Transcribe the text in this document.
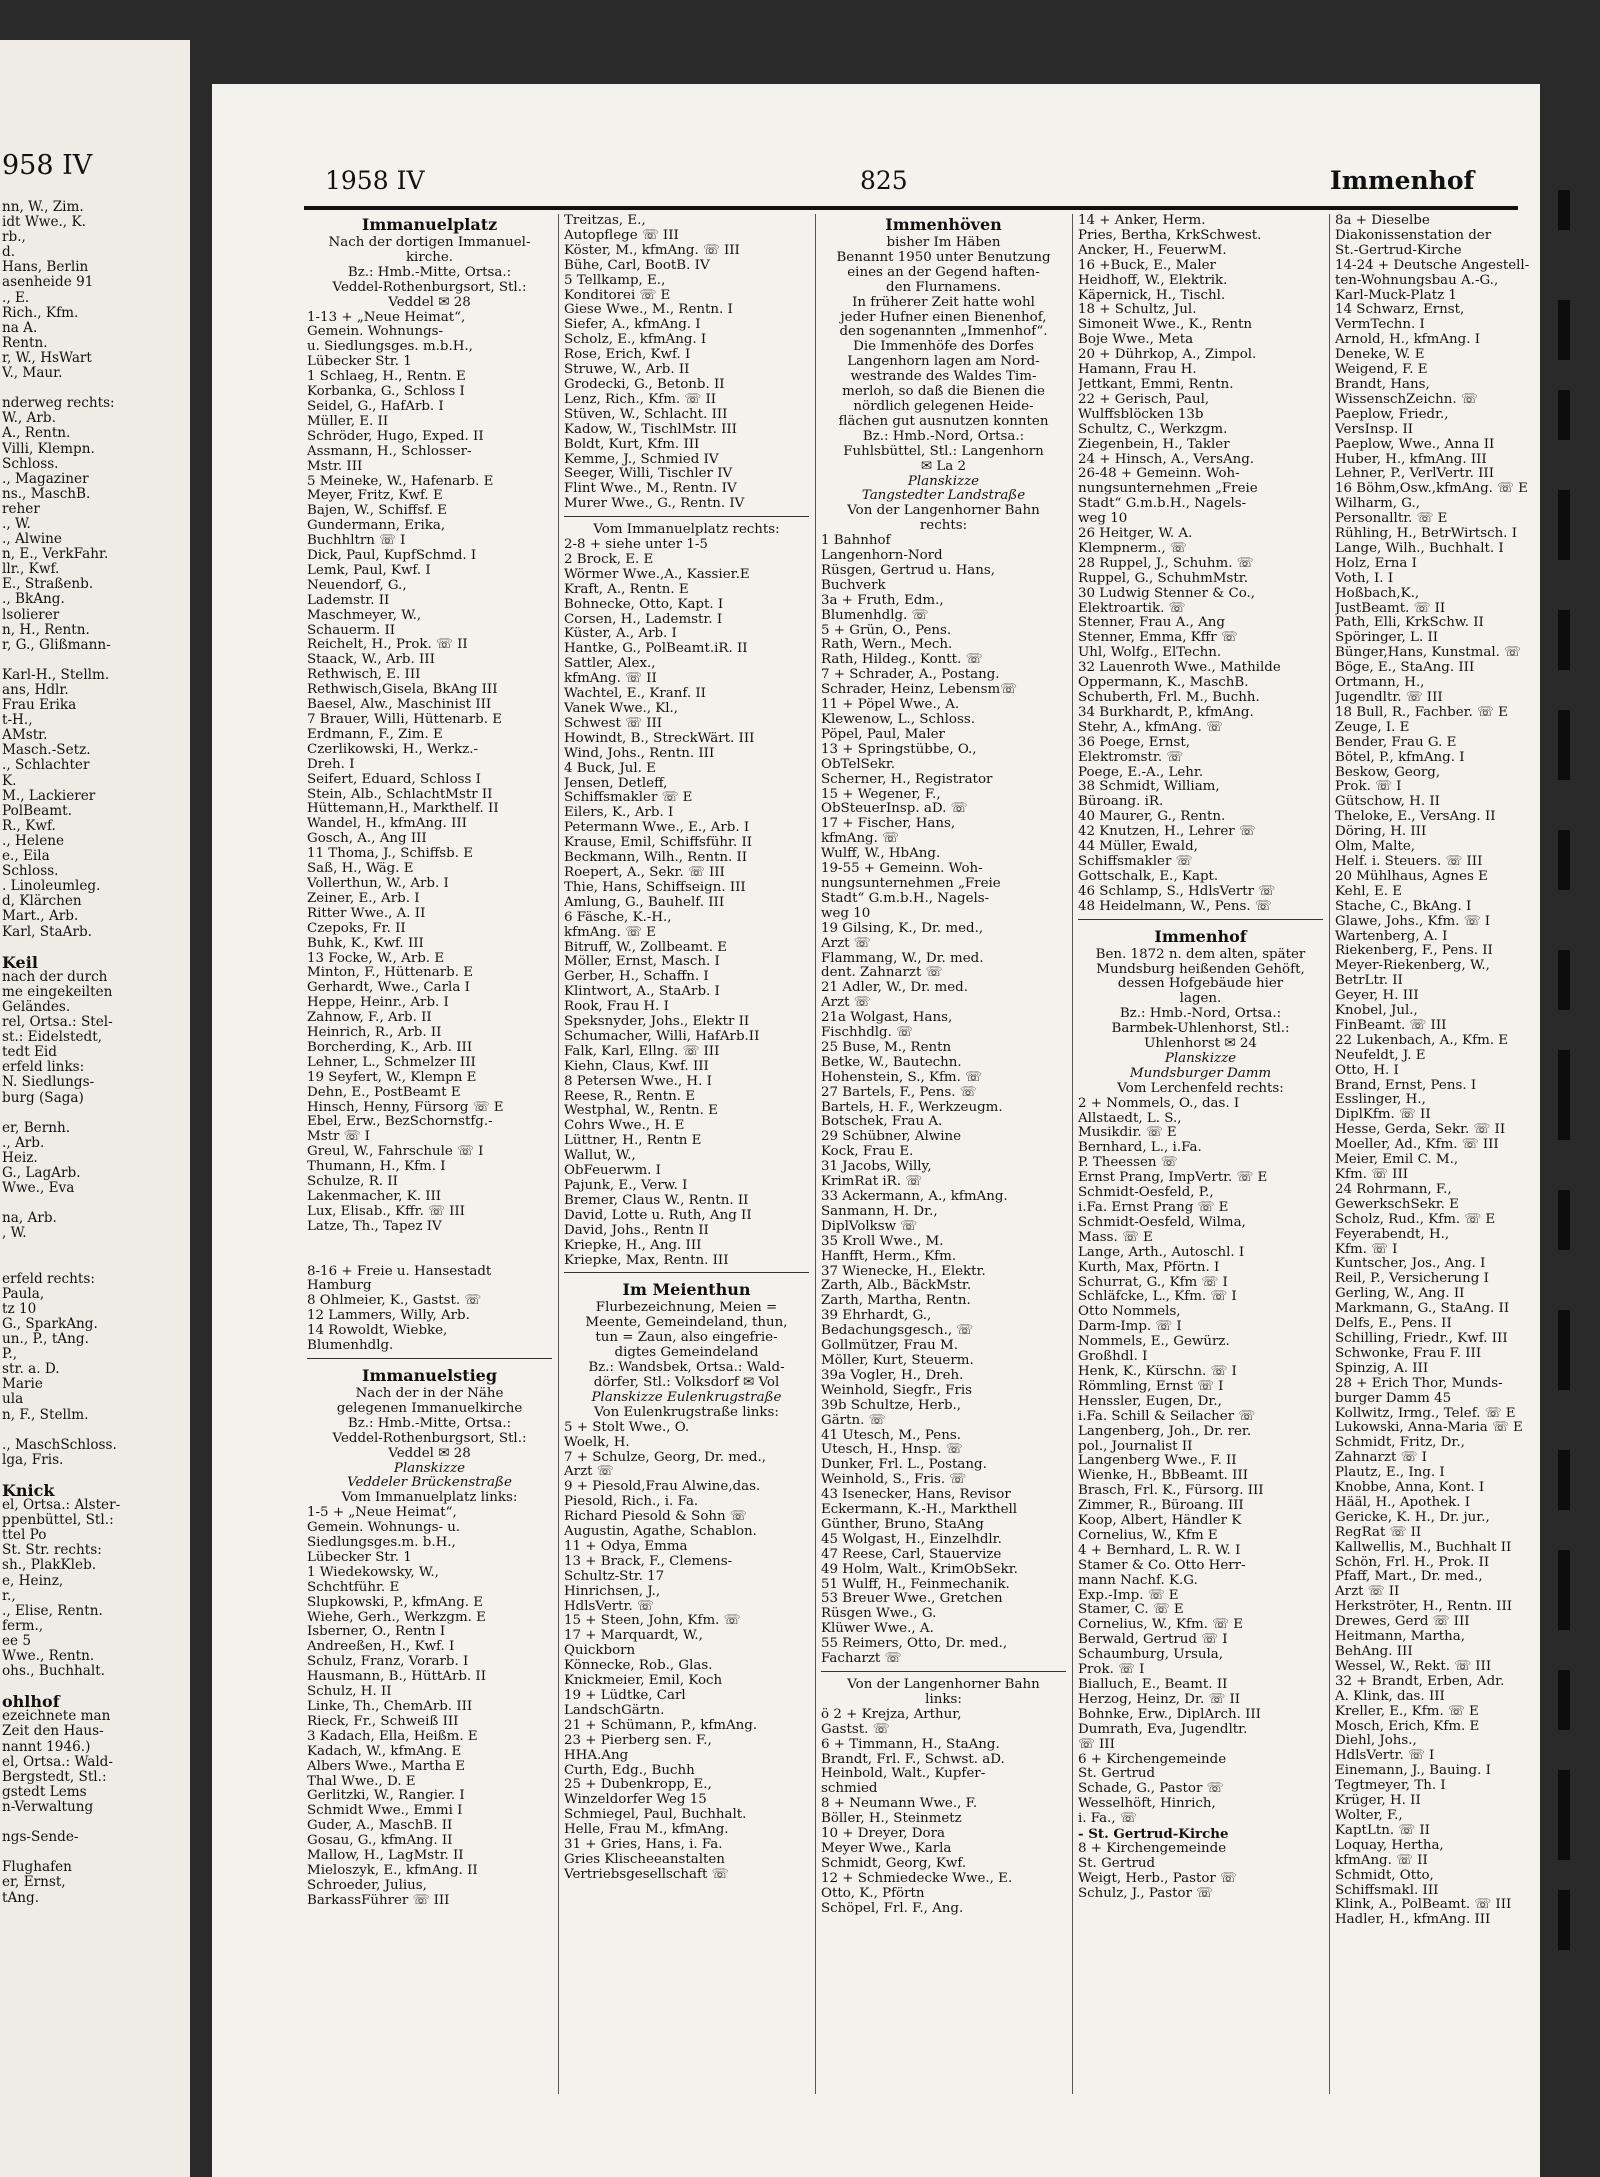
958 IV
nn, W., Zim.
idt Wwe., K.
rb.,
d.
Hans, Berlin
asenheide 91
., E.
Rich., Kfm.
na A.
Rentn.
r, W., HsWart
V., Maur.

nderweg rechts:
W., Arb.
A., Rentn.
Villi, Klempn.
Schloss.
., Magaziner
ns., MaschB.
reher
., W.
., Alwine
n, E., VerkFahr.
llr., Kwf.
E., Straßenb.
., BkAng.
lsolierer
n, H., Rentn.
r, G., Glißmann-

Karl-H., Stellm.
ans, Hdlr.
Frau Erika
t-H.,
AMstr.
Masch.-Setz.
., Schlachter
K.
M., Lackierer
PolBeamt.
R., Kwf.
., Helene
e., Eila
Schloss.
. Linoleumleg.
d, Klärchen
Mart., Arb.
Karl, StaArb.

Keil
nach der durch
me eingekeilten
Geländes.
rel, Ortsa.: Stel-
st.: Eidelstedt,
tedt Eid
erfeld links:
N. Siedlungs-
burg (Saga)

er, Bernh.
., Arb.
Heiz.
G., LagArb.
Wwe., Eva

na, Arb.
, W.

erfeld rechts:
Paula,
tz 10
G., SparkAng.
un., P., tAng.
P.,
str. a. D.
Marie
ula
n, F., Stellm.

., MaschSchloss.
lga, Fris.

Knick
el, Ortsa.: Alster-
ppenbüttel, Stl.:
ttel Po
St. Str. rechts:
sh., PlakKleb.
e, Heinz,
r.,
., Elise, Rentn.
ferm.,
ee 5
Wwe., Rentn.
ohs., Buchhalt.

ohlhof
ezeichnete man
Zeit den Haus-
nannt 1946.)
el, Ortsa.: Wald-
Bergstedt, Stl.:
gstedt Lems
n-Verwaltung

ngs-Sende-

Flughafen
er, Ernst,
tAng.
1958 IV	825	Immenhof
Immanuelplatz
Nach der dortigen Immanuel-
kirche.
Bz.: Hmb.-Mitte, Ortsa.:
Veddel-Rothenburgsort, Stl.:
Veddel ✉ 28
1-13 + „Neue Heimat“,
Gemein. Wohnungs-
u. Siedlungsges. m.b.H.,
Lübecker Str. 1
1 Schlaeg, H., Rentn. E
Korbanka, G., Schloss I
Seidel, G., HafArb. I
Müller, E. II
Schröder, Hugo, Exped. II
Assmann, H., Schlosser-
Mstr. III
5 Meineke, W., Hafenarb. E
Meyer, Fritz, Kwf. E
Bajen, W., Schiffsf. E
Gundermann, Erika,
Buchhltrn ☏ I
Dick, Paul, KupfSchmd. I
Lemk, Paul, Kwf. I
Neuendorf, G.,
Lademstr. II
Maschmeyer, W.,
Schauerm. II
Reichelt, H., Prok. ☏ II
Staack, W., Arb. III
Rethwisch, E. III
Rethwisch,Gisela, BkAng III
Baesel, Alw., Maschinist III
7 Brauer, Willi, Hüttenarb. E
Erdmann, F., Zim. E
Czerlikowski, H., Werkz.-
Dreh. I
Seifert, Eduard, Schloss I
Stein, Alb., SchlachtMstr II
Hüttemann,H., Markthelf. II
Wandel, H., kfmAng. III
Gosch, A., Ang III
11 Thoma, J., Schiffsb. E
Saß, H., Wäg. E
Vollerthun, W., Arb. I
Zeiner, E., Arb. I
Ritter Wwe., A. II
Czepoks, Fr. II
Buhk, K., Kwf. III
13 Focke, W., Arb. E
Minton, F., Hüttenarb. E
Gerhardt, Wwe., Carla I
Heppe, Heinr., Arb. I
Zahnow, F., Arb. II
Heinrich, R., Arb. II
Borcherding, K., Arb. III
Lehner, L., Schmelzer III
19 Seyfert, W., Klempn E
Dehn, E., PostBeamt E
Hinsch, Henny, Fürsorg ☏ E
Ebel, Erw., BezSchornstfg.-
Mstr ☏ I
Greul, W., Fahrschule ☏ I
Thumann, H., Kfm. I
Schulze, R. II
Lakenmacher, K. III
Lux, Elisab., Kffr. ☏ III
Latze, Th., Tapez IV

8-16 + Freie u. Hansestadt
Hamburg
8 Ohlmeier, K., Gastst. ☏
12 Lammers, Willy, Arb.
14 Rowoldt, Wiebke,
Blumenhdlg.
Immanuelstieg
Nach der in der Nähe
gelegenen Immanuelkirche
Bz.: Hmb.-Mitte, Ortsa.:
Veddel-Rothenburgsort, Stl.:
Veddel ✉ 28
Planskizze
Veddeler Brückenstraße
Vom Immanuelplatz links:
1-5 + „Neue Heimat“,
Gemein. Wohnungs- u.
Siedlungsges.m. b.H.,
Lübecker Str. 1
1 Wiedekowsky, W.,
Schchtführ. E
Slupkowski, P., kfmAng. E
Wiehe, Gerh., Werkzgm. E
Isberner, O., Rentn I
Andreeßen, H., Kwf. I
Schulz, Franz, Vorarb. I
Hausmann, B., HüttArb. II
Schulz, H. II
Linke, Th., ChemArb. III
Rieck, Fr., Schweiß III
3 Kadach, Ella, Heißm. E
Kadach, W., kfmAng. E
Albers Wwe., Martha E
Thal Wwe., D. E
Gerlitzki, W., Rangier. I
Schmidt Wwe., Emmi I
Guder, A., MaschB. II
Gosau, G., kfmAng. II
Mallow, H., LagMstr. II
Mieloszyk, E., kfmAng. II
Schroeder, Julius,
BarkassFührer ☏ III
Treitzas, E.,
Autopflege ☏ III
Köster, M., kfmAng. ☏ III
Bühe, Carl, BootB. IV
5 Tellkamp, E.,
Konditorei ☏ E
Giese Wwe., M., Rentn. I
Siefer, A., kfmAng. I
Scholz, E., kfmAng. I
Rose, Erich, Kwf. I
Struwe, W., Arb. II
Grodecki, G., Betonb. II
Lenz, Rich., Kfm. ☏ II
Stüven, W., Schlacht. III
Kadow, W., TischlMstr. III
Boldt, Kurt, Kfm. III
Kemme, J., Schmied IV
Seeger, Willi, Tischler IV
Flint Wwe., M., Rentn. IV
Murer Wwe., G., Rentn. IV
Vom Immanuelplatz rechts:
2-8 + siehe unter 1-5
2 Brock, E. E
Wörmer Wwe.,A., Kassier.E
Kraft, A., Rentn. E
Bohnecke, Otto, Kapt. I
Corsen, H., Lademstr. I
Küster, A., Arb. I
Hantke, G., PolBeamt.iR. II
Sattler, Alex.,
kfmAng. ☏ II
Wachtel, E., Kranf. II
Vanek Wwe., Kl.,
Schwest ☏ III
Howindt, B., StreckWärt. III
Wind, Johs., Rentn. III
4 Buck, Jul. E
Jensen, Detleff,
Schiffsmakler ☏ E
Eilers, K., Arb. I
Petermann Wwe., E., Arb. I
Krause, Emil, Schiffsführ. II
Beckmann, Wilh., Rentn. II
Roepert, A., Sekr. ☏ III
Thie, Hans, Schiffseign. III
Amlung, G., Bauhelf. III
6 Fäsche, K.-H.,
kfmAng. ☏ E
Bitruff, W., Zollbeamt. E
Möller, Ernst, Masch. I
Gerber, H., Schaffn. I
Klintwort, A., StaArb. I
Rook, Frau H. I
Speksnyder, Johs., Elektr II
Schumacher, Willi, HafArb.II
Falk, Karl, Ellng. ☏ III
Kiehn, Claus, Kwf. III
8 Petersen Wwe., H. I
Reese, R., Rentn. E
Westphal, W., Rentn. E
Cohrs Wwe., H. E
Lüttner, H., Rentn E
Wallut, W.,
ObFeuerwm. I
Pajunk, E., Verw. I
Bremer, Claus W., Rentn. II
David, Lotte u. Ruth, Ang II
David, Johs., Rentn II
Kriepke, H., Ang. III
Kriepke, Max, Rentn. III
Im Meienthun
Flurbezeichnung, Meien =
Meente, Gemeindeland, thun,
tun = Zaun, also eingefrie-
digtes Gemeindeland
Bz.: Wandsbek, Ortsa.: Wald-
dörfer, Stl.: Volksdorf ✉ Vol
Planskizze Eulenkrugstraße
Von Eulenkrugstraße links:
5 + Stolt Wwe., O.
Woelk, H.
7 + Schulze, Georg, Dr. med.,
Arzt ☏
9 + Piesold,Frau Alwine,das.
Piesold, Rich., i. Fa.
Richard Piesold & Sohn ☏
Augustin, Agathe, Schablon.
11 + Odya, Emma
13 + Brack, F., Clemens-
Schultz-Str. 17
Hinrichsen, J.,
HdlsVertr. ☏
15 + Steen, John, Kfm. ☏
17 + Marquardt, W.,
Quickborn
Könnecke, Rob., Glas.
Knickmeier, Emil, Koch
19 + Lüdtke, Carl
LandschGärtn.
21 + Schümann, P., kfmAng.
23 + Pierberg sen. F.,
HHA.Ang
Curth, Edg., Buchh
25 + Dubenkropp, E.,
Winzeldorfer Weg 15
Schmiegel, Paul, Buchhalt.
Helle, Frau M., kfmAng.
31 + Gries, Hans, i. Fa.
Gries Klischeeanstalten
Vertriebsgesellschaft ☏
Immenhöven
bisher Im Häben
Benannt 1950 unter Benutzung
eines an der Gegend haften-
den Flurnamens.
In früherer Zeit hatte wohl
jeder Hufner einen Bienenhof,
den sogenannten „Immenhof“.
Die Immenhöfe des Dorfes
Langenhorn lagen am Nord-
westrande des Waldes Tim-
merloh, so daß die Bienen die
nördlich gelegenen Heide-
flächen gut ausnutzen konnten
Bz.: Hmb.-Nord, Ortsa.:
Fuhlsbüttel, Stl.: Langenhorn
✉ La 2
Planskizze
Tangstedter Landstraße
Von der Langenhorner Bahn
rechts:
1 Bahnhof
Langenhorn-Nord
Rüsgen, Gertrud u. Hans,
Buchverk
3a + Fruth, Edm.,
Blumenhdlg. ☏
5 + Grün, O., Pens.
Rath, Wern., Mech.
Rath, Hildeg., Kontt. ☏
7 + Schrader, A., Postang.
Schrader, Heinz, Lebensm☏
11 + Pöpel Wwe., A.
Klewenow, L., Schloss.
Pöpel, Paul, Maler
13 + Springstübbe, O.,
ObTelSekr.
Scherner, H., Registrator
15 + Wegener, F.,
ObSteuerInsp. aD. ☏
17 + Fischer, Hans,
kfmAng. ☏
Wulff, W., HbAng.
19-55 + Gemeinn. Woh-
nungsunternehmen „Freie
Stadt“ G.m.b.H., Nagels-
weg 10
19 Gilsing, K., Dr. med.,
Arzt ☏
Flammang, W., Dr. med.
dent. Zahnarzt ☏
21 Adler, W., Dr. med.
Arzt ☏
21a Wolgast, Hans,
Fischhdlg. ☏
25 Buse, M., Rentn
Betke, W., Bautechn.
Hohenstein, S., Kfm. ☏
27 Bartels, F., Pens. ☏
Bartels, H. F., Werkzeugm.
Botschek, Frau A.
29 Schübner, Alwine
Kock, Frau E.
31 Jacobs, Willy,
KrimRat iR. ☏
33 Ackermann, A., kfmAng.
Sanmann, H. Dr.,
DiplVolksw ☏
35 Kroll Wwe., M.
Hanfft, Herm., Kfm.
37 Wienecke, H., Elektr.
Zarth, Alb., BäckMstr.
Zarth, Martha, Rentn.
39 Ehrhardt, G.,
Bedachungsgesch., ☏
Gollmützer, Frau M.
Möller, Kurt, Steuerm.
39a Vogler, H., Dreh.
Weinhold, Siegfr., Fris
39b Schultze, Herb.,
Gärtn. ☏
41 Utesch, M., Pens.
Utesch, H., Hnsp. ☏
Dunker, Frl. L., Postang.
Weinhold, S., Fris. ☏
43 Isenecker, Hans, Revisor
Eckermann, K.-H., Markthell
Günther, Bruno, StaAng
45 Wolgast, H., Einzelhdlr.
47 Reese, Carl, Stauervize
49 Holm, Walt., KrimObSekr.
51 Wulff, H., Feinmechanik.
53 Breuer Wwe., Gretchen
Rüsgen Wwe., G.
Klüwer Wwe., A.
55 Reimers, Otto, Dr. med.,
Facharzt ☏
Von der Langenhorner Bahn
links:
ö 2 + Krejza, Arthur,
Gastst. ☏
6 + Timmann, H., StaAng.
Brandt, Frl. F., Schwst. aD.
Heinbold, Walt., Kupfer-
schmied
8 + Neumann Wwe., F.
Böller, H., Steinmetz
10 + Dreyer, Dora
Meyer Wwe., Karla
Schmidt, Georg, Kwf.
12 + Schmiedecke Wwe., E.
Otto, K., Pförtn
Schöpel, Frl. F., Ang.
14 + Anker, Herm.
Pries, Bertha, KrkSchwest.
Ancker, H., FeuerwM.
16 +Buck, E., Maler
Heidhoff, W., Elektrik.
Käpernick, H., Tischl.
18 + Schultz, Jul.
Simoneit Wwe., K., Rentn
Boje Wwe., Meta
20 + Dührkop, A., Zimpol.
Hamann, Frau H.
Jettkant, Emmi, Rentn.
22 + Gerisch, Paul,
Wulffsblöcken 13b
Schultz, C., Werkzgm.
Ziegenbein, H., Takler
24 + Hinsch, A., VersAng.
26-48 + Gemeinn. Woh-
nungsunternehmen „Freie
Stadt“ G.m.b.H., Nagels-
weg 10
26 Heitger, W. A.
Klempnerm., ☏
28 Ruppel, J., Schuhm. ☏
Ruppel, G., SchuhmMstr.
30 Ludwig Stenner & Co.,
Elektroartik. ☏
Stenner, Frau A., Ang
Stenner, Emma, Kffr ☏
Uhl, Wolfg., ElTechn.
32 Lauenroth Wwe., Mathilde
Oppermann, K., MaschB.
Schuberth, Frl. M., Buchh.
34 Burkhardt, P., kfmAng.
Stehr, A., kfmAng. ☏
36 Poege, Ernst,
Elektromstr. ☏
Poege, E.-A., Lehr.
38 Schmidt, William,
Büroang. iR.
40 Maurer, G., Rentn.
42 Knutzen, H., Lehrer ☏
44 Müller, Ewald,
Schiffsmakler ☏
Gottschalk, E., Kapt.
46 Schlamp, S., HdlsVertr ☏
48 Heidelmann, W., Pens. ☏
Immenhof
Ben. 1872 n. dem alten, später
Mundsburg heißenden Gehöft,
dessen Hofgebäude hier
lagen.
Bz.: Hmb.-Nord, Ortsa.:
Barmbek-Uhlenhorst, Stl.:
Uhlenhorst ✉ 24
Planskizze
Mundsburger Damm
Vom Lerchenfeld rechts:
2 + Nommels, O., das. I
Allstaedt, L. S.,
Musikdir. ☏ E
Bernhard, L., i.Fa.
P. Theessen ☏
Ernst Prang, ImpVertr. ☏ E
Schmidt-Oesfeld, P.,
i.Fa. Ernst Prang ☏ E
Schmidt-Oesfeld, Wilma,
Mass. ☏ E
Lange, Arth., Autoschl. I
Kurth, Max, Pförtn. I
Schurrat, G., Kfm ☏ I
Schläfcke, L., Kfm. ☏ I
Otto Nommels,
Darm-Imp. ☏ I
Nommels, E., Gewürz.
Großhdl. I
Henk, K., Kürschn. ☏ I
Römmling, Ernst ☏ I
Henssler, Eugen, Dr.,
i.Fa. Schill & Seilacher ☏
Langenberg, Joh., Dr. rer.
pol., Journalist II
Langenberg Wwe., F. II
Wienke, H., BbBeamt. III
Brasch, Frl. K., Fürsorg. III
Zimmer, R., Büroang. III
Koop, Albert, Händler K
Cornelius, W., Kfm E
4 + Bernhard, L. R. W. I
Stamer & Co. Otto Herr-
mann Nachf. K.G.
Exp.-Imp. ☏ E
Stamer, C. ☏ E
Cornelius, W., Kfm. ☏ E
Berwald, Gertrud ☏ I
Schaumburg, Ursula,
Prok. ☏ I
Bialluch, E., Beamt. II
Herzog, Heinz, Dr. ☏ II
Bohnke, Erw., DiplArch. III
Dumrath, Eva, Jugendltr.
☏ III
6 + Kirchengemeinde
St. Gertrud
Schade, G., Pastor ☏
Wesselhöft, Hinrich,
i. Fa., ☏
- St. Gertrud-Kirche
8 + Kirchengemeinde
St. Gertrud
Weigt, Herb., Pastor ☏
Schulz, J., Pastor ☏
8a + Dieselbe
Diakonissenstation der
St.-Gertrud-Kirche
14-24 + Deutsche Angestell-
ten-Wohnungsbau A.-G.,
Karl-Muck-Platz 1
14 Schwarz, Ernst,
VermTechn. I
Arnold, H., kfmAng. I
Deneke, W. E
Weigend, F. E
Brandt, Hans,
WissenschZeichn. ☏
Paeplow, Friedr.,
VersInsp. II
Paeplow, Wwe., Anna II
Huber, H., kfmAng. III
Lehner, P., VerlVertr. III
16 Böhm,Osw.,kfmAng. ☏ E
Wilharm, G.,
Personalltr. ☏ E
Rühling, H., BetrWirtsch. I
Lange, Wilh., Buchhalt. I
Holz, Erna I
Voth, I. I
Hoßbach,K.,
JustBeamt. ☏ II
Path, Elli, KrkSchw. II
Spöringer, L. II
Bünger,Hans, Kunstmal. ☏
Böge, E., StaAng. III
Ortmann, H.,
Jugendltr. ☏ III
18 Bull, R., Fachber. ☏ E
Zeuge, I. E
Bender, Frau G. E
Bötel, P., kfmAng. I
Beskow, Georg,
Prok. ☏ I
Gütschow, H. II
Theloke, E., VersAng. II
Döring, H. III
Olm, Malte,
Helf. i. Steuers. ☏ III
20 Mühlhaus, Agnes E
Kehl, E. E
Stache, C., BkAng. I
Glawe, Johs., Kfm. ☏ I
Wartenberg, A. I
Riekenberg, F., Pens. II
Meyer-Riekenberg, W.,
BetrLtr. II
Geyer, H. III
Knobel, Jul.,
FinBeamt. ☏ III
22 Lukenbach, A., Kfm. E
Neufeldt, J. E
Otto, H. I
Brand, Ernst, Pens. I
Esslinger, H.,
DiplKfm. ☏ II
Hesse, Gerda, Sekr. ☏ II
Moeller, Ad., Kfm. ☏ III
Meier, Emil C. M.,
Kfm. ☏ III
24 Rohrmann, F.,
GewerkschSekr. E
Scholz, Rud., Kfm. ☏ E
Feyerabendt, H.,
Kfm. ☏ I
Kuntscher, Jos., Ang. I
Reil, P., Versicherung I
Gerling, W., Ang. II
Markmann, G., StaAng. II
Delfs, E., Pens. II
Schilling, Friedr., Kwf. III
Schwonke, Frau F. III
Spinzig, A. III
28 + Erich Thor, Munds-
burger Damm 45
Kollwitz, Irmg., Telef. ☏ E
Lukowski, Anna-Maria ☏ E
Schmidt, Fritz, Dr.,
Zahnarzt ☏ I
Plautz, E., Ing. I
Knobbe, Anna, Kont. I
Hääl, H., Apothek. I
Gericke, K. H., Dr. jur.,
RegRat ☏ II
Kallwellis, M., Buchhalt II
Schön, Frl. H., Prok. II
Pfaff, Mart., Dr. med.,
Arzt ☏ II
Herkströter, H., Rentn. III
Drewes, Gerd ☏ III
Heitmann, Martha,
BehAng. III
Wessel, W., Rekt. ☏ III
32 + Brandt, Erben, Adr.
A. Klink, das. III
Kreller, E., Kfm. ☏ E
Mosch, Erich, Kfm. E
Diehl, Johs.,
HdlsVertr. ☏ I
Einemann, J., Bauing. I
Tegtmeyer, Th. I
Krüger, H. II
Wolter, F.,
KaptLtn. ☏ II
Loquay, Hertha,
kfmAng. ☏ II
Schmidt, Otto,
Schiffsmakl. III
Klink, A., PolBeamt. ☏ III
Hadler, H., kfmAng. III
